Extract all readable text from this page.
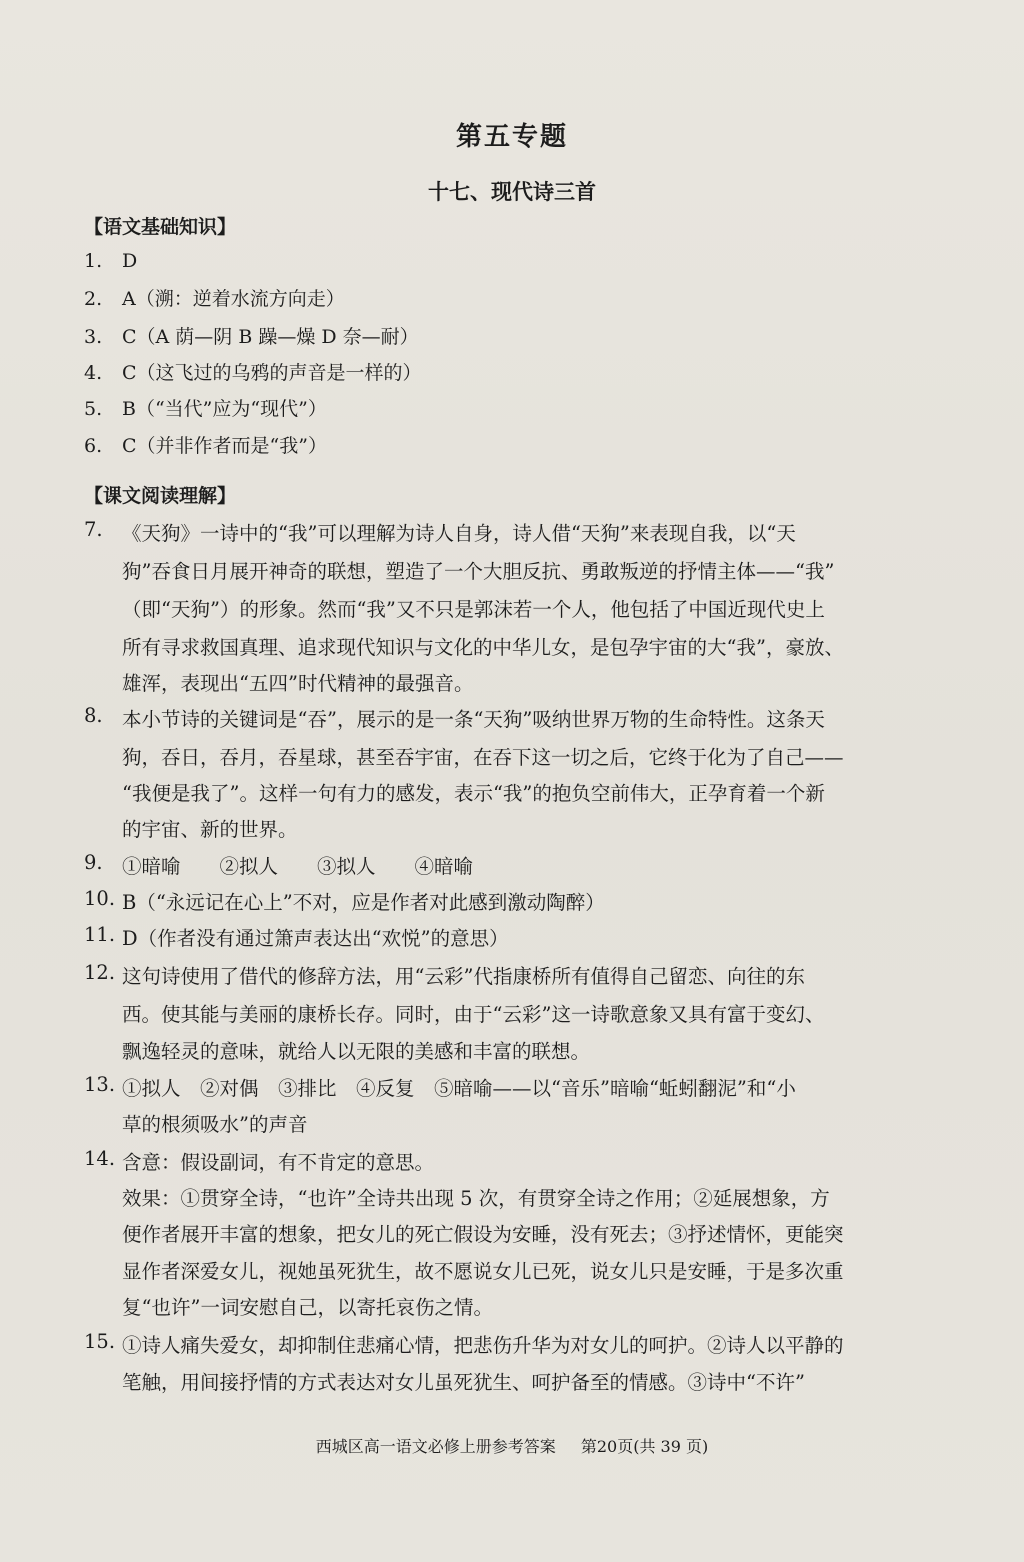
第五专题
十七、现代诗三首
【语文基础知识】
1. D
2. A（溯：逆着水流方向走）
3. C（A 荫—阴 B 躁—燥 D 奈—耐）
4. C（这飞过的乌鸦的声音是一样的）
5. B（“当代”应为“现代”）
6. C（并非作者而是“我”）
【课文阅读理解】
7. 《天狗》一诗中的“我”可以理解为诗人自身，诗人借“天狗”来表现自我，以“天
狗”吞食日月展开神奇的联想，塑造了一个大胆反抗、勇敢叛逆的抒情主体——“我”
（即“天狗”）的形象。然而“我”又不只是郭沫若一个人，他包括了中国近现代史上
所有寻求救国真理、追求现代知识与文化的中华儿女，是包孕宇宙的大“我”，豪放、
雄浑，表现出“五四”时代精神的最强音。
8. 本小节诗的关键词是“吞”，展示的是一条“天狗”吸纳世界万物的生命特性。这条天
狗，吞日，吞月，吞星球，甚至吞宇宙，在吞下这一切之后，它终于化为了自己——
“我便是我了”。这样一句有力的感发，表示“我”的抱负空前伟大，正孕育着一个新
的宇宙、新的世界。
9. ①暗喻　　②拟人　　③拟人　　④暗喻
10. B（“永远记在心上”不对，应是作者对此感到激动陶醉）
11. D（作者没有通过箫声表达出“欢悦”的意思）
12. 这句诗使用了借代的修辞方法，用“云彩”代指康桥所有值得自己留恋、向往的东
西。使其能与美丽的康桥长存。同时，由于“云彩”这一诗歌意象又具有富于变幻、
飘逸轻灵的意味，就给人以无限的美感和丰富的联想。
13. ①拟人　②对偶　③排比　④反复　⑤暗喻——以“音乐”暗喻“蚯蚓翻泥”和“小
草的根须吸水”的声音
14. 含意：假设副词，有不肯定的意思。
效果：①贯穿全诗，“也许”全诗共出现 5 次，有贯穿全诗之作用；②延展想象，方
便作者展开丰富的想象，把女儿的死亡假设为安睡，没有死去；③抒述情怀，更能突
显作者深爱女儿，视她虽死犹生，故不愿说女儿已死，说女儿只是安睡，于是多次重
复“也许”一词安慰自己，以寄托哀伤之情。
15. ①诗人痛失爱女，却抑制住悲痛心情，把悲伤升华为对女儿的呵护。②诗人以平静的
笔触，用间接抒情的方式表达对女儿虽死犹生、呵护备至的情感。③诗中“不许”
西城区高一语文必修上册参考答案 第20页(共 39 页)
